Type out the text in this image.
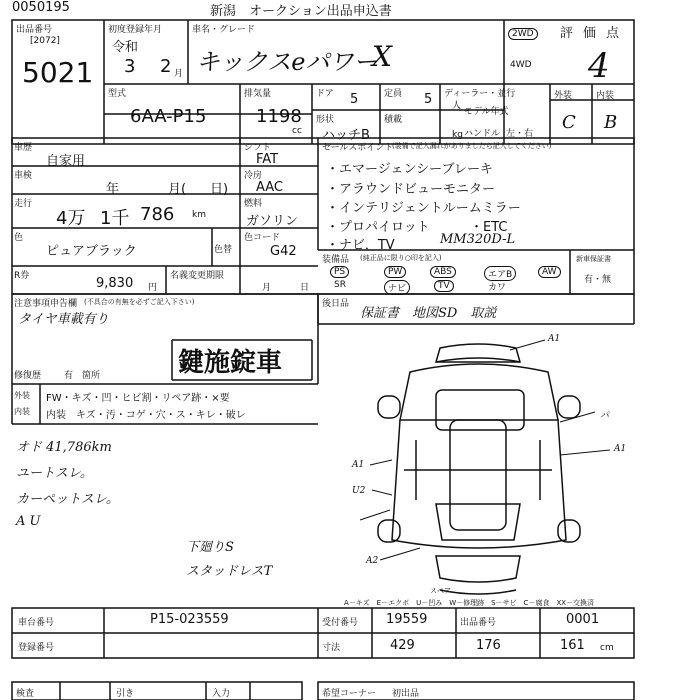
0050195	新潟　オークション出品申込書
出品番号
[2072]
5021
初度登録年月
令和
3 2 月
車名・グレード
キックスeパワー
X
2WD
4WD
評価点
4
外装	内装
C B
型式
6AA-P15
排気量
1198
cc
ドア 5	定員 5 人
形状
ハッチB
積載
kg
ディーラー・並行
モデル年式
ハンドル 左・右
車歴
自家用
シフト
FAT
車検
年	月( 日)
冷房
AAC
走行
4万 1千 786 km
燃料
ガソリン
色
ピュアブラック	色替
色コード
G42
R券	9,830 円
名義変更期限
月	日
注意事項申告欄 (不具合の有無を必ずご記入下さい)
タイヤ車載有り
修復歴	有 箇所	鍵施錠車
外装
内装
FW・キズ・凹・ヒビ割・リペア跡・×要
内装　キズ・汚・コゲ・穴・ス・キレ・破レ
セールスポイント
(装備で記入漏れがありましたら記入してください)
・エマージェンシーブレーキ
・アラウンドビューモニター
・インテリジェントルームミラー
・プロパイロット
・ナビ．TV
・ETC
MM320D-L
装備品 (純正品に限り○印を記入)
PS	PW	ABS	エアB	AW
SR	ナビ	TV	カワ
新車保証書
有・無
後日品
保証書　地図SD　取説
オド 41,786km
ユートスレ。
カーペットスレ。
A U
下廻りS
スタッドレスT
A1
パ
A1
A1
U2
A2
スペア
A－キズ　E－エクボ　U－凹み　W－修理跡　S－サビ　C－腐食　XX－交換済
車台番号	P15-023559
登録番号
受付番号 19559	出品番号	0001
寸法	429	176	161 cm
検査	引き	入力	希望コーナー 初出品
